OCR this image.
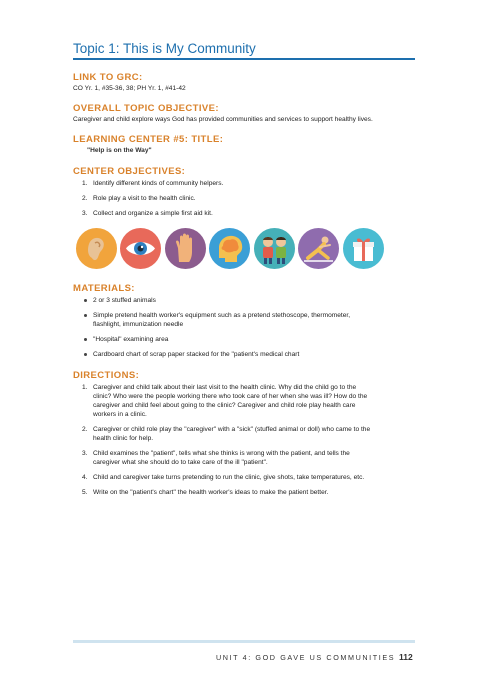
Topic 1: This is My Community
LINK TO GRC:
CO Yr. 1, #35-36, 38; PH Yr. 1, #41-42
OVERALL TOPIC OBJECTIVE:
Caregiver and child explore ways God has provided communities and services to support healthy lives.
LEARNING CENTER #5: TITLE:
"Help is on the Way"
CENTER OBJECTIVES:
1. Identify different kinds of community helpers.
2. Role play a visit to the health clinic.
3. Collect and organize a simple first aid kit.
MATERIALS:
2 or 3 stuffed animals
Simple pretend health worker's equipment such as a pretend stethoscope, thermometer,
flashlight, immunization needle
"Hospital" examining area
Cardboard chart of scrap paper stacked for the "patient's medical chart
DIRECTIONS:
1. Caregiver and child talk about their last visit to the health clinic. Why did the child go to the
clinic? Who were the people working there who took care of her when she was ill? How do the
caregiver and child feel about going to the clinic? Caregiver and child role play health care
workers in a clinic.
2. Caregiver or child role play the "caregiver" with a "sick" (stuffed animal or doll) who came to the
health clinic for help.
3. Child examines the "patient", tells what she thinks is wrong with the patient, and tells the
caregiver what she should do to take care of the ill "patient".
4. Child and caregiver take turns pretending to run the clinic, give shots, take temperatures, etc.
5. Write on the "patient's chart" the health worker's ideas to make the patient better.
UNIT 4: GOD GAVE US COMMUNITIES 112
